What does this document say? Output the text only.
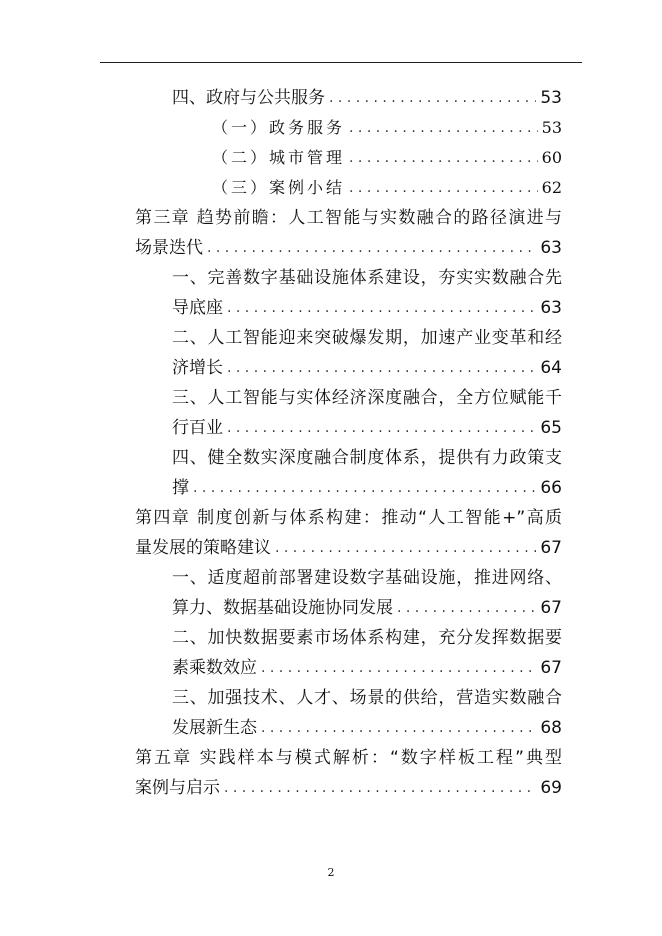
四、政府与公共服务 . . .	53
（一）政务服务 . . .	53
（二）城市管理 . . .	60
（三）案例小结 . . .	62
第三章 趋势前瞻：人工智能与实数融合的路径演进与
场景迭代 . . .	63
一、完善数字基础设施体系建设，夯实实数融合先
导底座 . . .	63
二、人工智能迎来突破爆发期，加速产业变革和经
济增长 . . .	64
三、人工智能与实体经济深度融合，全方位赋能千
行百业 . . .	65
四、健全数实深度融合制度体系，提供有力政策支
撑 . . .	66
第四章 制度创新与体系构建：推动“人工智能+”高质
量发展的策略建议 . . .	67
一、适度超前部署建设数字基础设施，推进网络、
算力、数据基础设施协同发展 . . .	67
二、加快数据要素市场体系构建，充分发挥数据要
素乘数效应 . . .	67
三、加强技术、人才、场景的供给，营造实数融合
发展新生态 . . .	68
第五章 实践样本与模式解析：“数字样板工程”典型
案例与启示 . . .	69
2
